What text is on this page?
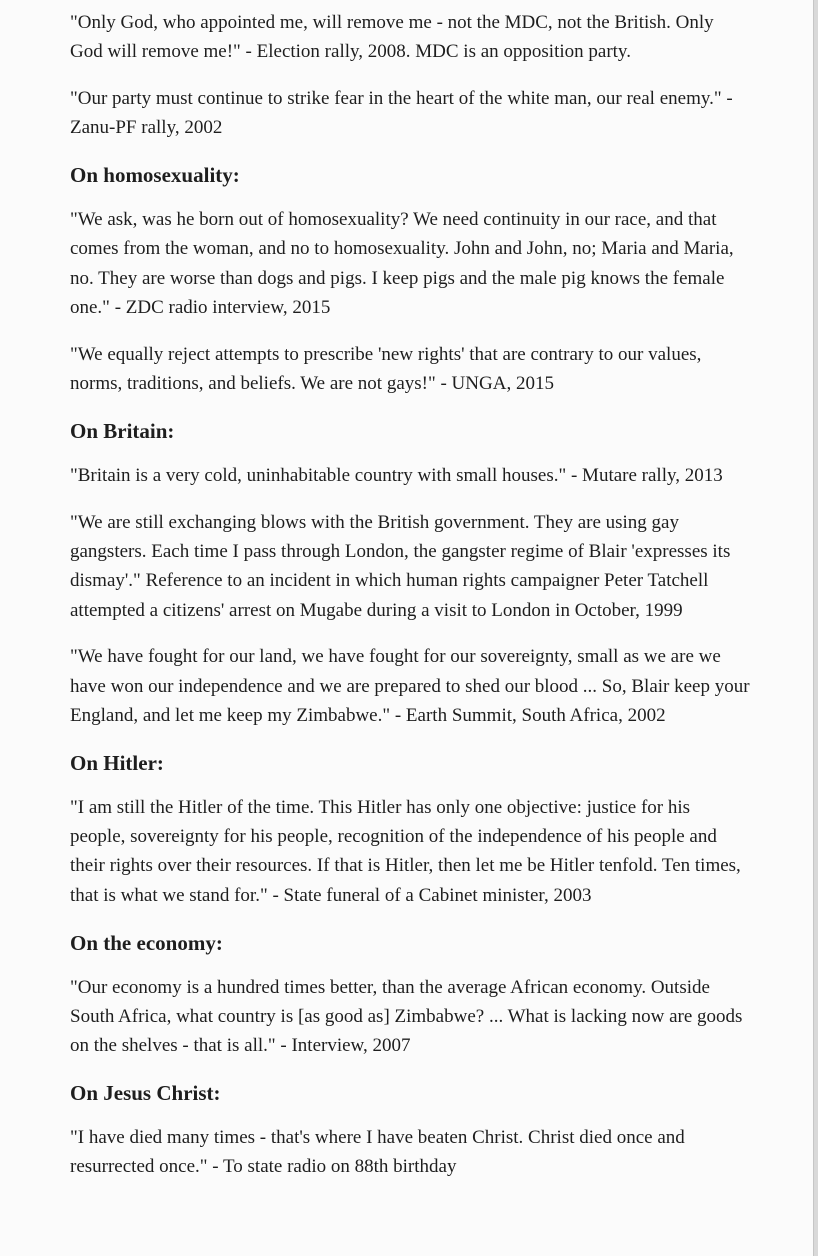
"Only God, who appointed me, will remove me - not the MDC, not the British. Only God will remove me!" - Election rally, 2008. MDC is an opposition party.

"Our party must continue to strike fear in the heart of the white man, our real enemy." - Zanu-PF rally, 2002

On homosexuality:

"We ask, was he born out of homosexuality? We need continuity in our race, and that comes from the woman, and no to homosexuality. John and John, no; Maria and Maria, no. They are worse than dogs and pigs. I keep pigs and the male pig knows the female one." - ZDC radio interview, 2015

"We equally reject attempts to prescribe 'new rights' that are contrary to our values, norms, traditions, and beliefs. We are not gays!" - UNGA, 2015

On Britain:

"Britain is a very cold, uninhabitable country with small houses." - Mutare rally, 2013

"We are still exchanging blows with the British government. They are using gay gangsters. Each time I pass through London, the gangster regime of Blair 'expresses its dismay'." Reference to an incident in which human rights campaigner Peter Tatchell attempted a citizens' arrest on Mugabe during a visit to London in October, 1999

"We have fought for our land, we have fought for our sovereignty, small as we are we have won our independence and we are prepared to shed our blood ... So, Blair keep your England, and let me keep my Zimbabwe." - Earth Summit, South Africa, 2002

On Hitler:

"I am still the Hitler of the time. This Hitler has only one objective: justice for his people, sovereignty for his people, recognition of the independence of his people and their rights over their resources. If that is Hitler, then let me be Hitler tenfold. Ten times, that is what we stand for." - State funeral of a Cabinet minister, 2003

On the economy:

"Our economy is a hundred times better, than the average African economy. Outside South Africa, what country is [as good as] Zimbabwe? ... What is lacking now are goods on the shelves - that is all." - Interview, 2007

On Jesus Christ:

"I have died many times - that's where I have beaten Christ. Christ died once and resurrected once." - To state radio on 88th birthday
